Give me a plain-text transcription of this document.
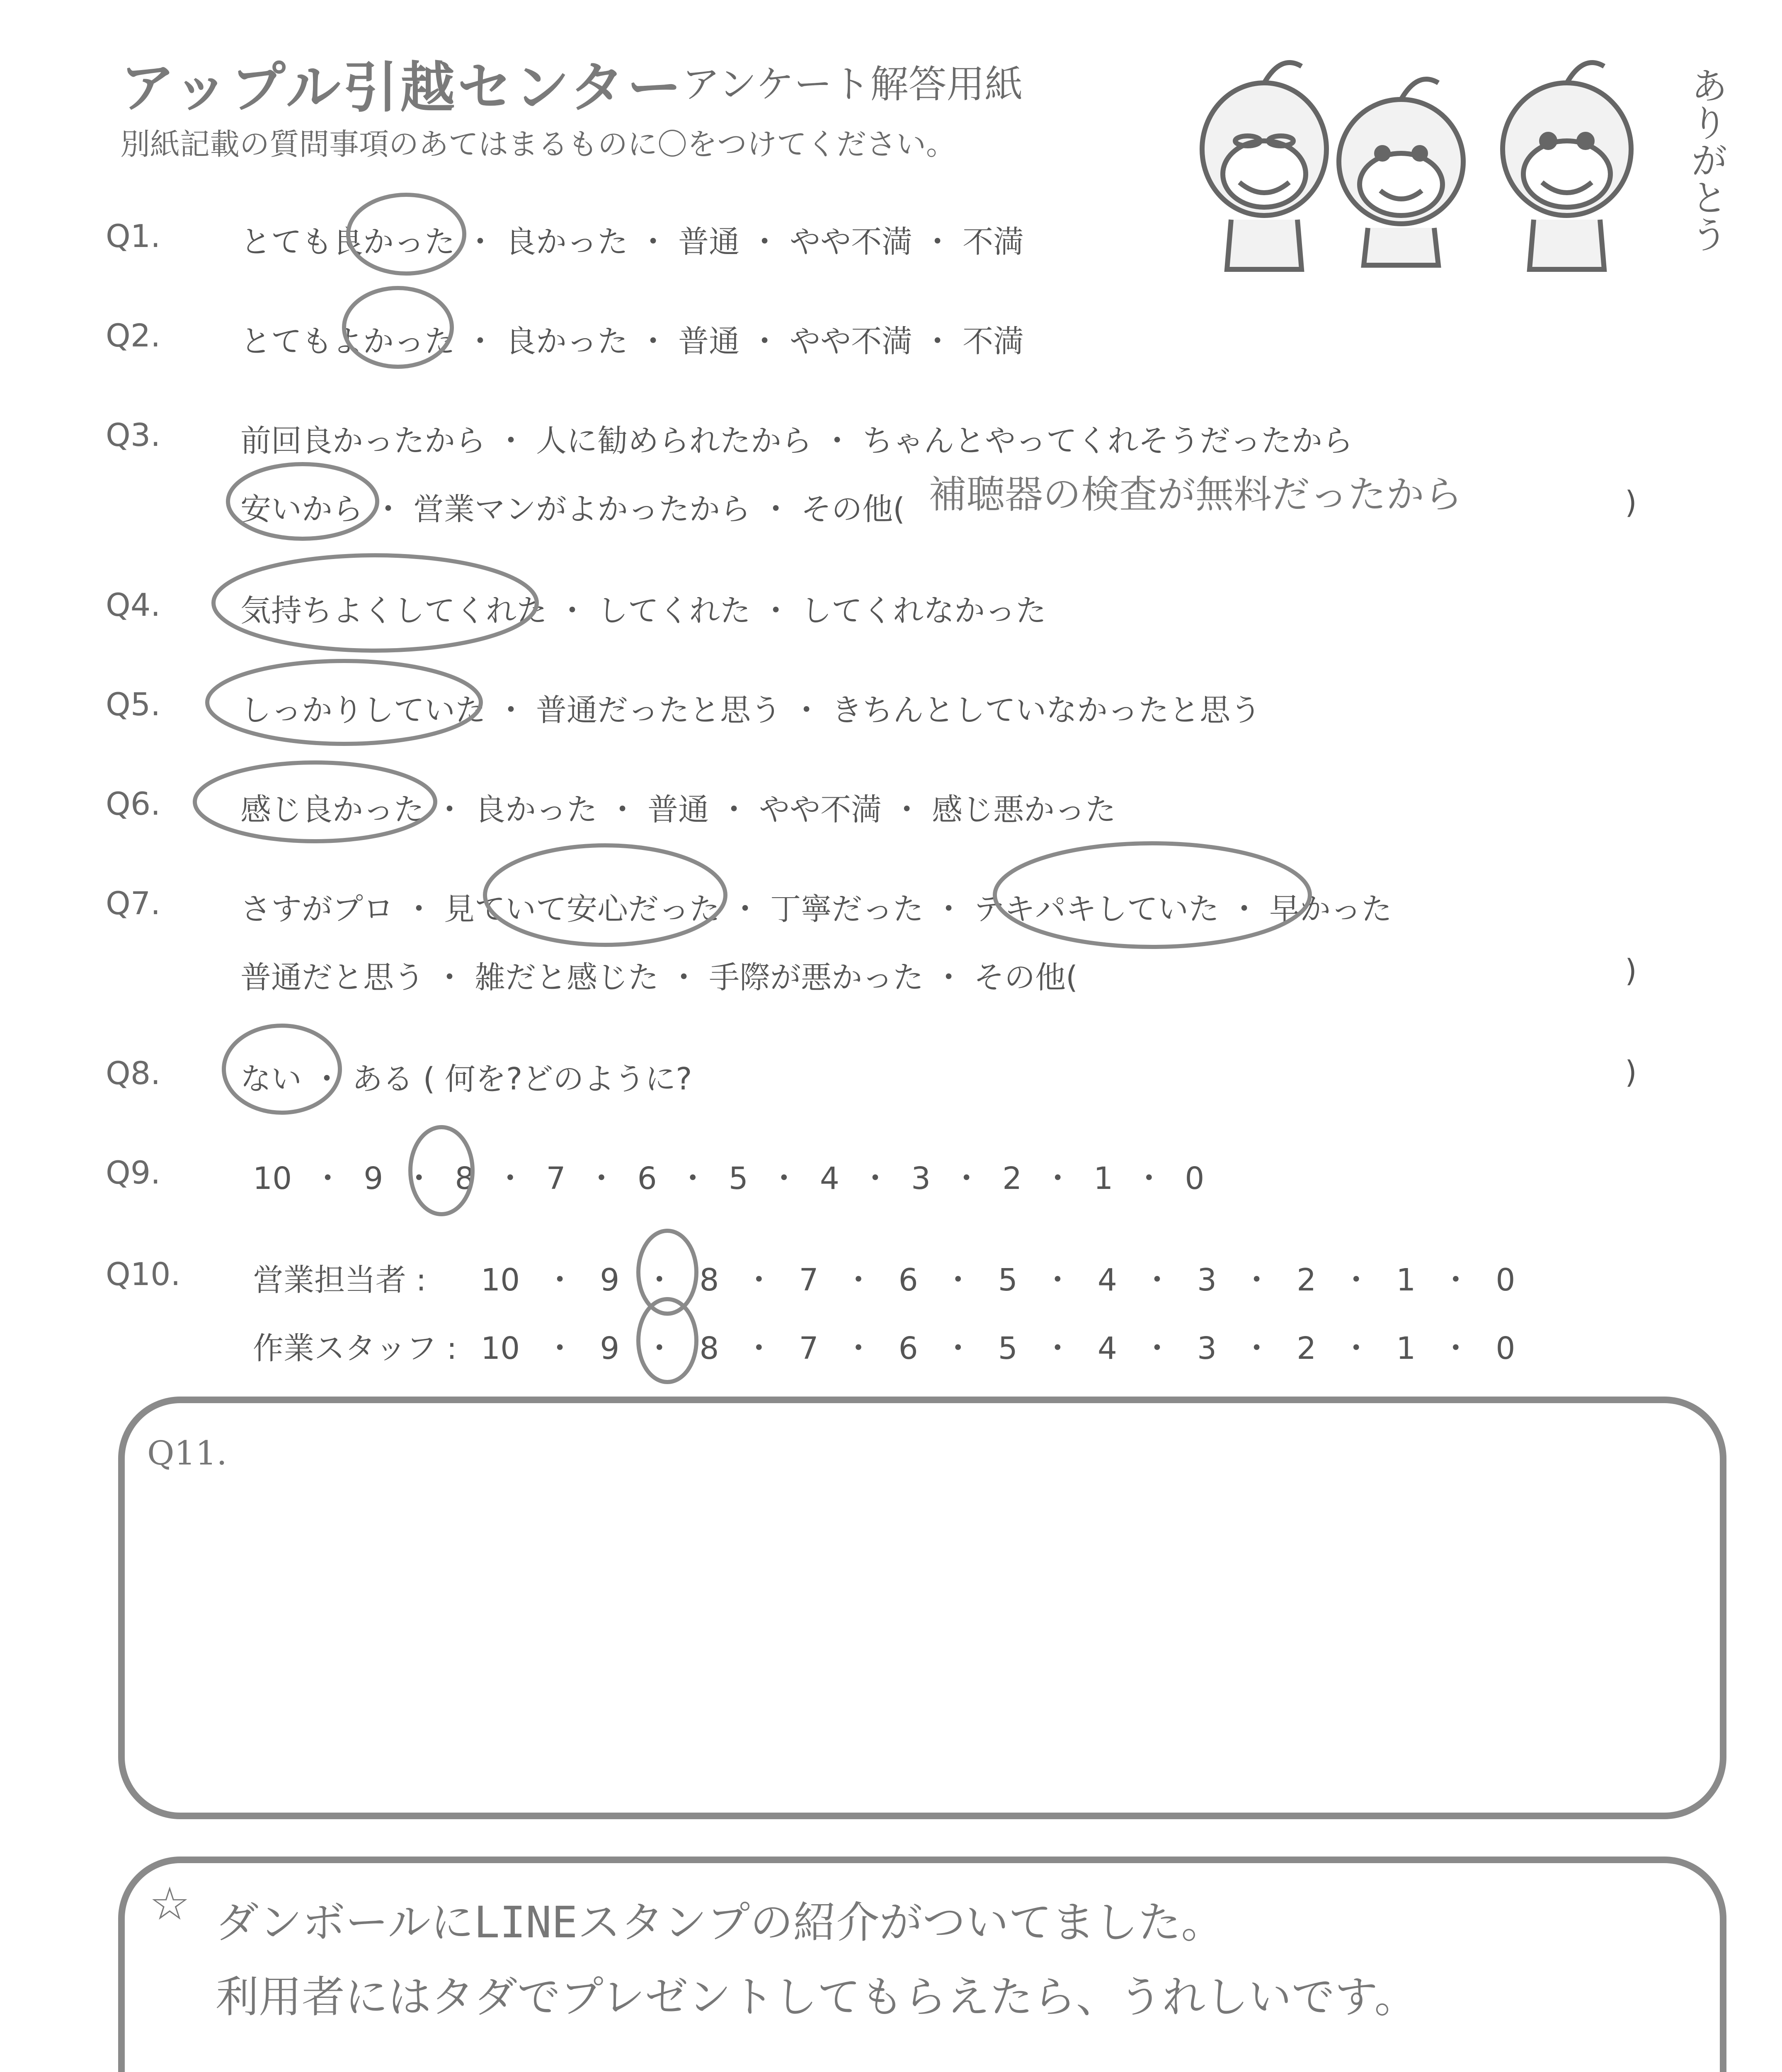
アップル引越センター
アンケート解答用紙
別紙記載の質問事項のあてはまるものに〇をつけてください。	ありがとう
Q1.	とても良かった ・ 良かった ・ 普通 ・ やや不満 ・ 不満
Q2.	とてもよかった ・ 良かった ・ 普通 ・ やや不満 ・ 不満
Q3.	前回良かったから ・ 人に勧められたから ・ ちゃんとやってくれそうだったから
安いから ・ 営業マンがよかったから ・ その他( 補聴器の検査が無料だったから	)
Q4.	気持ちよくしてくれた ・ してくれた ・ してくれなかった
Q5.	しっかりしていた ・ 普通だったと思う ・ きちんとしていなかったと思う
Q6.	感じ良かった ・ 良かった ・ 普通 ・ やや不満 ・ 感じ悪かった
Q7.	さすがプロ ・ 見ていて安心だった ・ 丁寧だった ・ テキパキしていた ・ 早かった
普通だと思う ・ 雑だと感じた ・ 手際が悪かった ・ その他(	)
Q8.	ない ・ ある ( 何を?どのように?	)
Q9.	10 ・ 9 ・ 8 ・ 7 ・ 6 ・ 5 ・ 4 ・ 3 ・ 2 ・ 1 ・ 0
Q10. 営業担当者 : 10 ・ 9 ・ 8 ・ 7 ・ 6 ・ 5 ・ 4 ・ 3 ・ 2 ・ 1 ・ 0
作業スタッフ : 10 ・ 9 ・ 8 ・ 7 ・ 6 ・ 5 ・ 4 ・ 3 ・ 2 ・ 1 ・ 0
Q11.
☆ ダンボールにLINEスタンプの紹介がついてました。
利用者にはタダでプレゼントしてもらえたら、うれしいです。
